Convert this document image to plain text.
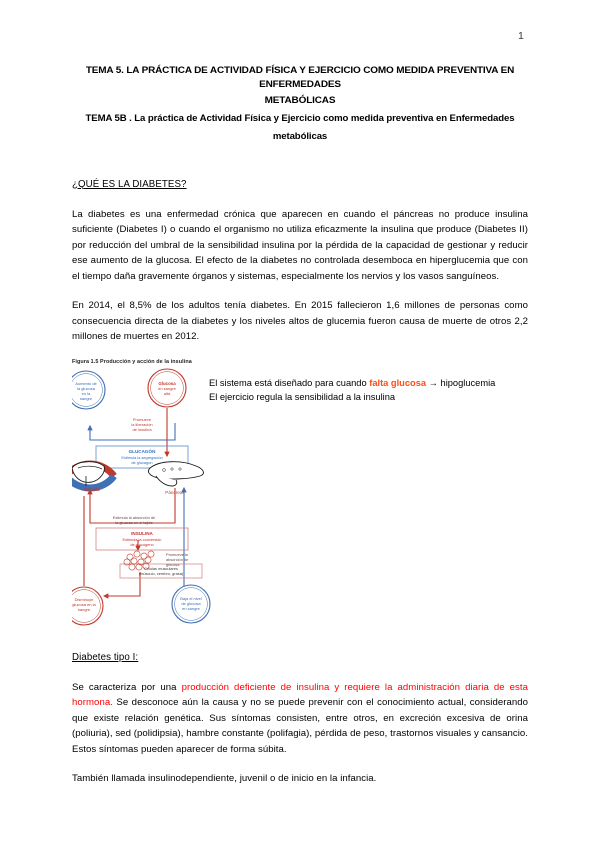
1
TEMA 5. LA PRÁCTICA DE ACTIVIDAD FÍSICA Y EJERCICIO COMO MEDIDA PREVENTIVA EN ENFERMEDADES
METABÓLICAS
TEMA 5B . La práctica de Actividad Física y Ejercicio como medida preventiva en Enfermedades
metabólicas
¿QUÉ ES LA DIABETES?

La diabetes es una enfermedad crónica que aparecen en cuando el páncreas no produce insulina suficiente (Diabetes I) o cuando el organismo no utiliza eficazmente la insulina que produce (Diabetes II) por reducción del umbral de la sensibilidad insulina por la pérdida de la capacidad de gestionar y reducir ese aumento de la glucosa. El efecto de la diabetes no controlada desemboca en hiperglucemia que con el tiempo daña gravemente órganos y sistemas, especialmente los nervios y los vasos sanguíneos.

En 2014, el 8,5% de los adultos tenía diabetes. En 2015 fallecieron 1,6 millones de personas como consecuencia directa de la diabetes y los niveles altos de glucemia fueron causa de muerte de otros 2,2 millones de muertes en 2012.

Figura 1.5 Producción y acción de la insulina
Aumento de
la glucosa
en la
sangre
Glucosa
en sangre
alta
Disminuye
glucosa en la
sangre
Baja el nivel
de glucosa
en sangre
Hígado
Páncreas
Promueve
la liberación
de insulina
GLUCAGÓN
Estimula la segregación
de glucagon
INSULINA
Estimula la conversión
de glucógeno
Estimula la absorción de
la glucosa en el tejido
Promueve la
absorción de
glucosa
Células musculares
(músculo, cerebro, grasa)
El sistema está diseñado para cuando falta glucosa → hipoglucemia
El ejercicio regula la sensibilidad a la insulina
Diabetes tipo I:

Se caracteriza por una producción deficiente de insulina y requiere la administración diaria de esta hormona. Se desconoce aún la causa y no se puede prevenir con el conocimiento actual, considerando que existe relación genética. Sus síntomas consisten, entre otros, en excreción excesiva de orina (poliuria), sed (polidipsia), hambre constante (polifagia), pérdida de peso, trastornos visuales y cansancio. Estos síntomas pueden aparecer de forma súbita.

También llamada insulinodependiente, juvenil o de inicio en la infancia.
